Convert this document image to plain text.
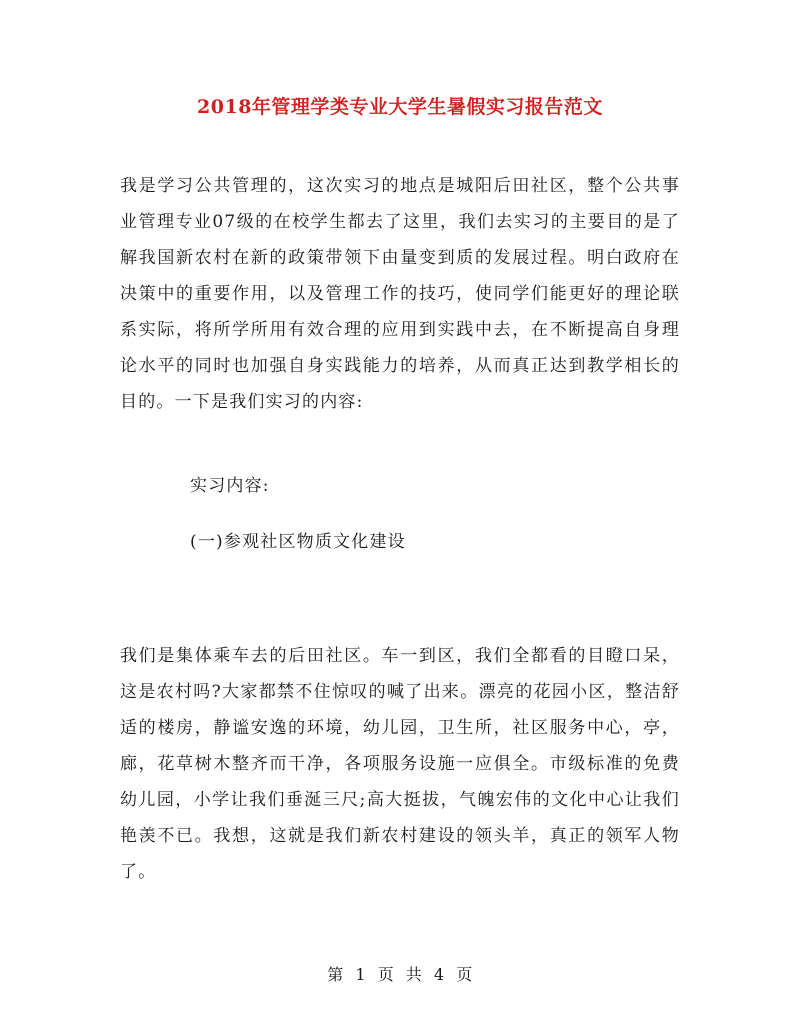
2018年管理学类专业大学生暑假实习报告范文
我是学习公共管理的，这次实习的地点是城阳后田社区，整个公共事业管理专业07级的在校学生都去了这里，我们去实习的主要目的是了解我国新农村在新的政策带领下由量变到质的发展过程。明白政府在决策中的重要作用，以及管理工作的技巧，使同学们能更好的理论联系实际，将所学所用有效合理的应用到实践中去，在不断提高自身理论水平的同时也加强自身实践能力的培养，从而真正达到教学相长的目的。一下是我们实习的内容:
实习内容:
(一)参观社区物质文化建设
我们是集体乘车去的后田社区。车一到区，我们全都看的目瞪口呆，这是农村吗?大家都禁不住惊叹的喊了出来。漂亮的花园小区，整洁舒适的楼房，静谧安逸的环境，幼儿园，卫生所，社区服务中心，亭，廊，花草树木整齐而干净，各项服务设施一应俱全。市级标准的免费幼儿园，小学让我们垂涎三尺;高大挺拔，气魄宏伟的文化中心让我们艳羡不已。我想，这就是我们新农村建设的领头羊，真正的领军人物了。
第 1 页 共 4 页
